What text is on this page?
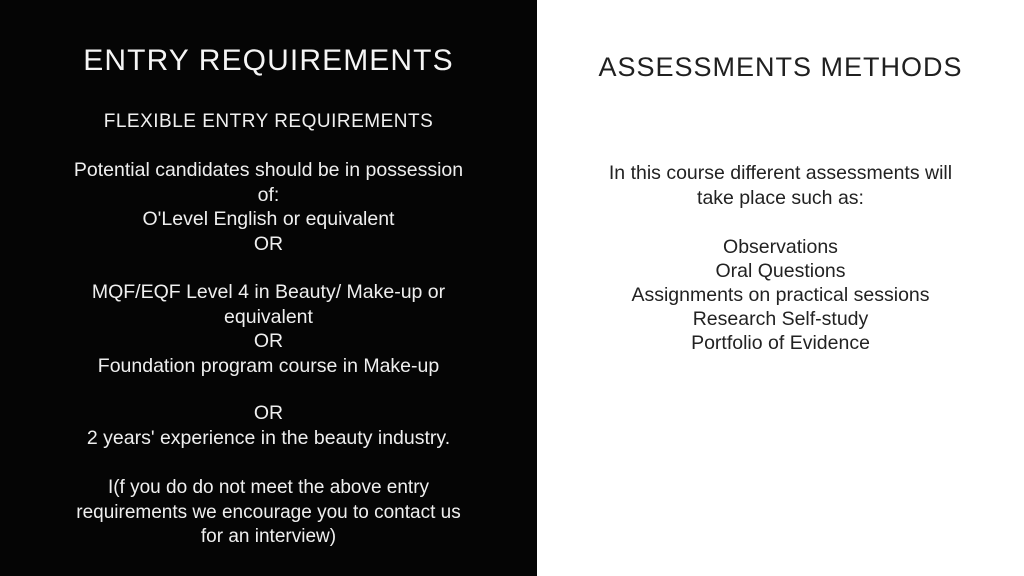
ENTRY REQUIREMENTS
FLEXIBLE ENTRY REQUIREMENTS
Potential candidates should be in possession
of:
O'Level English or equivalent
OR
MQF/EQF Level 4 in Beauty/ Make-up or
equivalent
OR
Foundation program course in Make-up
OR
2 years' experience in the beauty industry.
I(f you do do not meet the above entry
requirements we encourage you to contact us
for an interview)
ASSESSMENTS METHODS
In this course different assessments will
take place such as:
Observations
Oral Questions
Assignments on practical sessions
Research Self-study
Portfolio of Evidence
